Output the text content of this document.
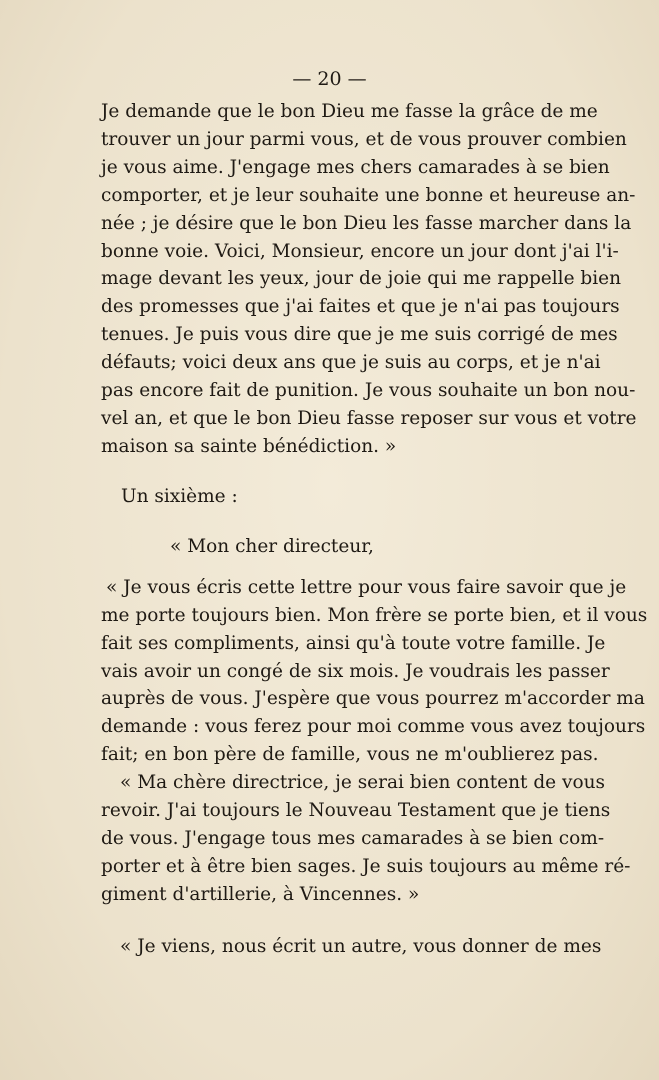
— 20 —
Je demande que le bon Dieu me fasse la grâce de me
trouver un jour parmi vous, et de vous prouver combien
je vous aime. J'engage mes chers camarades à se bien
comporter, et je leur souhaite une bonne et heureuse an-
née ; je désire que le bon Dieu les fasse marcher dans la
bonne voie. Voici, Monsieur, encore un jour dont j'ai l'i-
mage devant les yeux, jour de joie qui me rappelle bien
des promesses que j'ai faites et que je n'ai pas toujours
tenues. Je puis vous dire que je me suis corrigé de mes
défauts; voici deux ans que je suis au corps, et je n'ai
pas encore fait de punition. Je vous souhaite un bon nou-
vel an, et que le bon Dieu fasse reposer sur vous et votre
maison sa sainte bénédiction. »
Un sixième :
« Mon cher directeur,
« Je vous écris cette lettre pour vous faire savoir que je
me porte toujours bien. Mon frère se porte bien, et il vous
fait ses compliments, ainsi qu'à toute votre famille. Je
vais avoir un congé de six mois. Je voudrais les passer
auprès de vous. J'espère que vous pourrez m'accorder ma
demande : vous ferez pour moi comme vous avez toujours
fait; en bon père de famille, vous ne m'oublierez pas.
« Ma chère directrice, je serai bien content de vous
revoir. J'ai toujours le Nouveau Testament que je tiens
de vous. J'engage tous mes camarades à se bien com-
porter et à être bien sages. Je suis toujours au même ré-
giment d'artillerie, à Vincennes. »
« Je viens, nous écrit un autre, vous donner de mes
